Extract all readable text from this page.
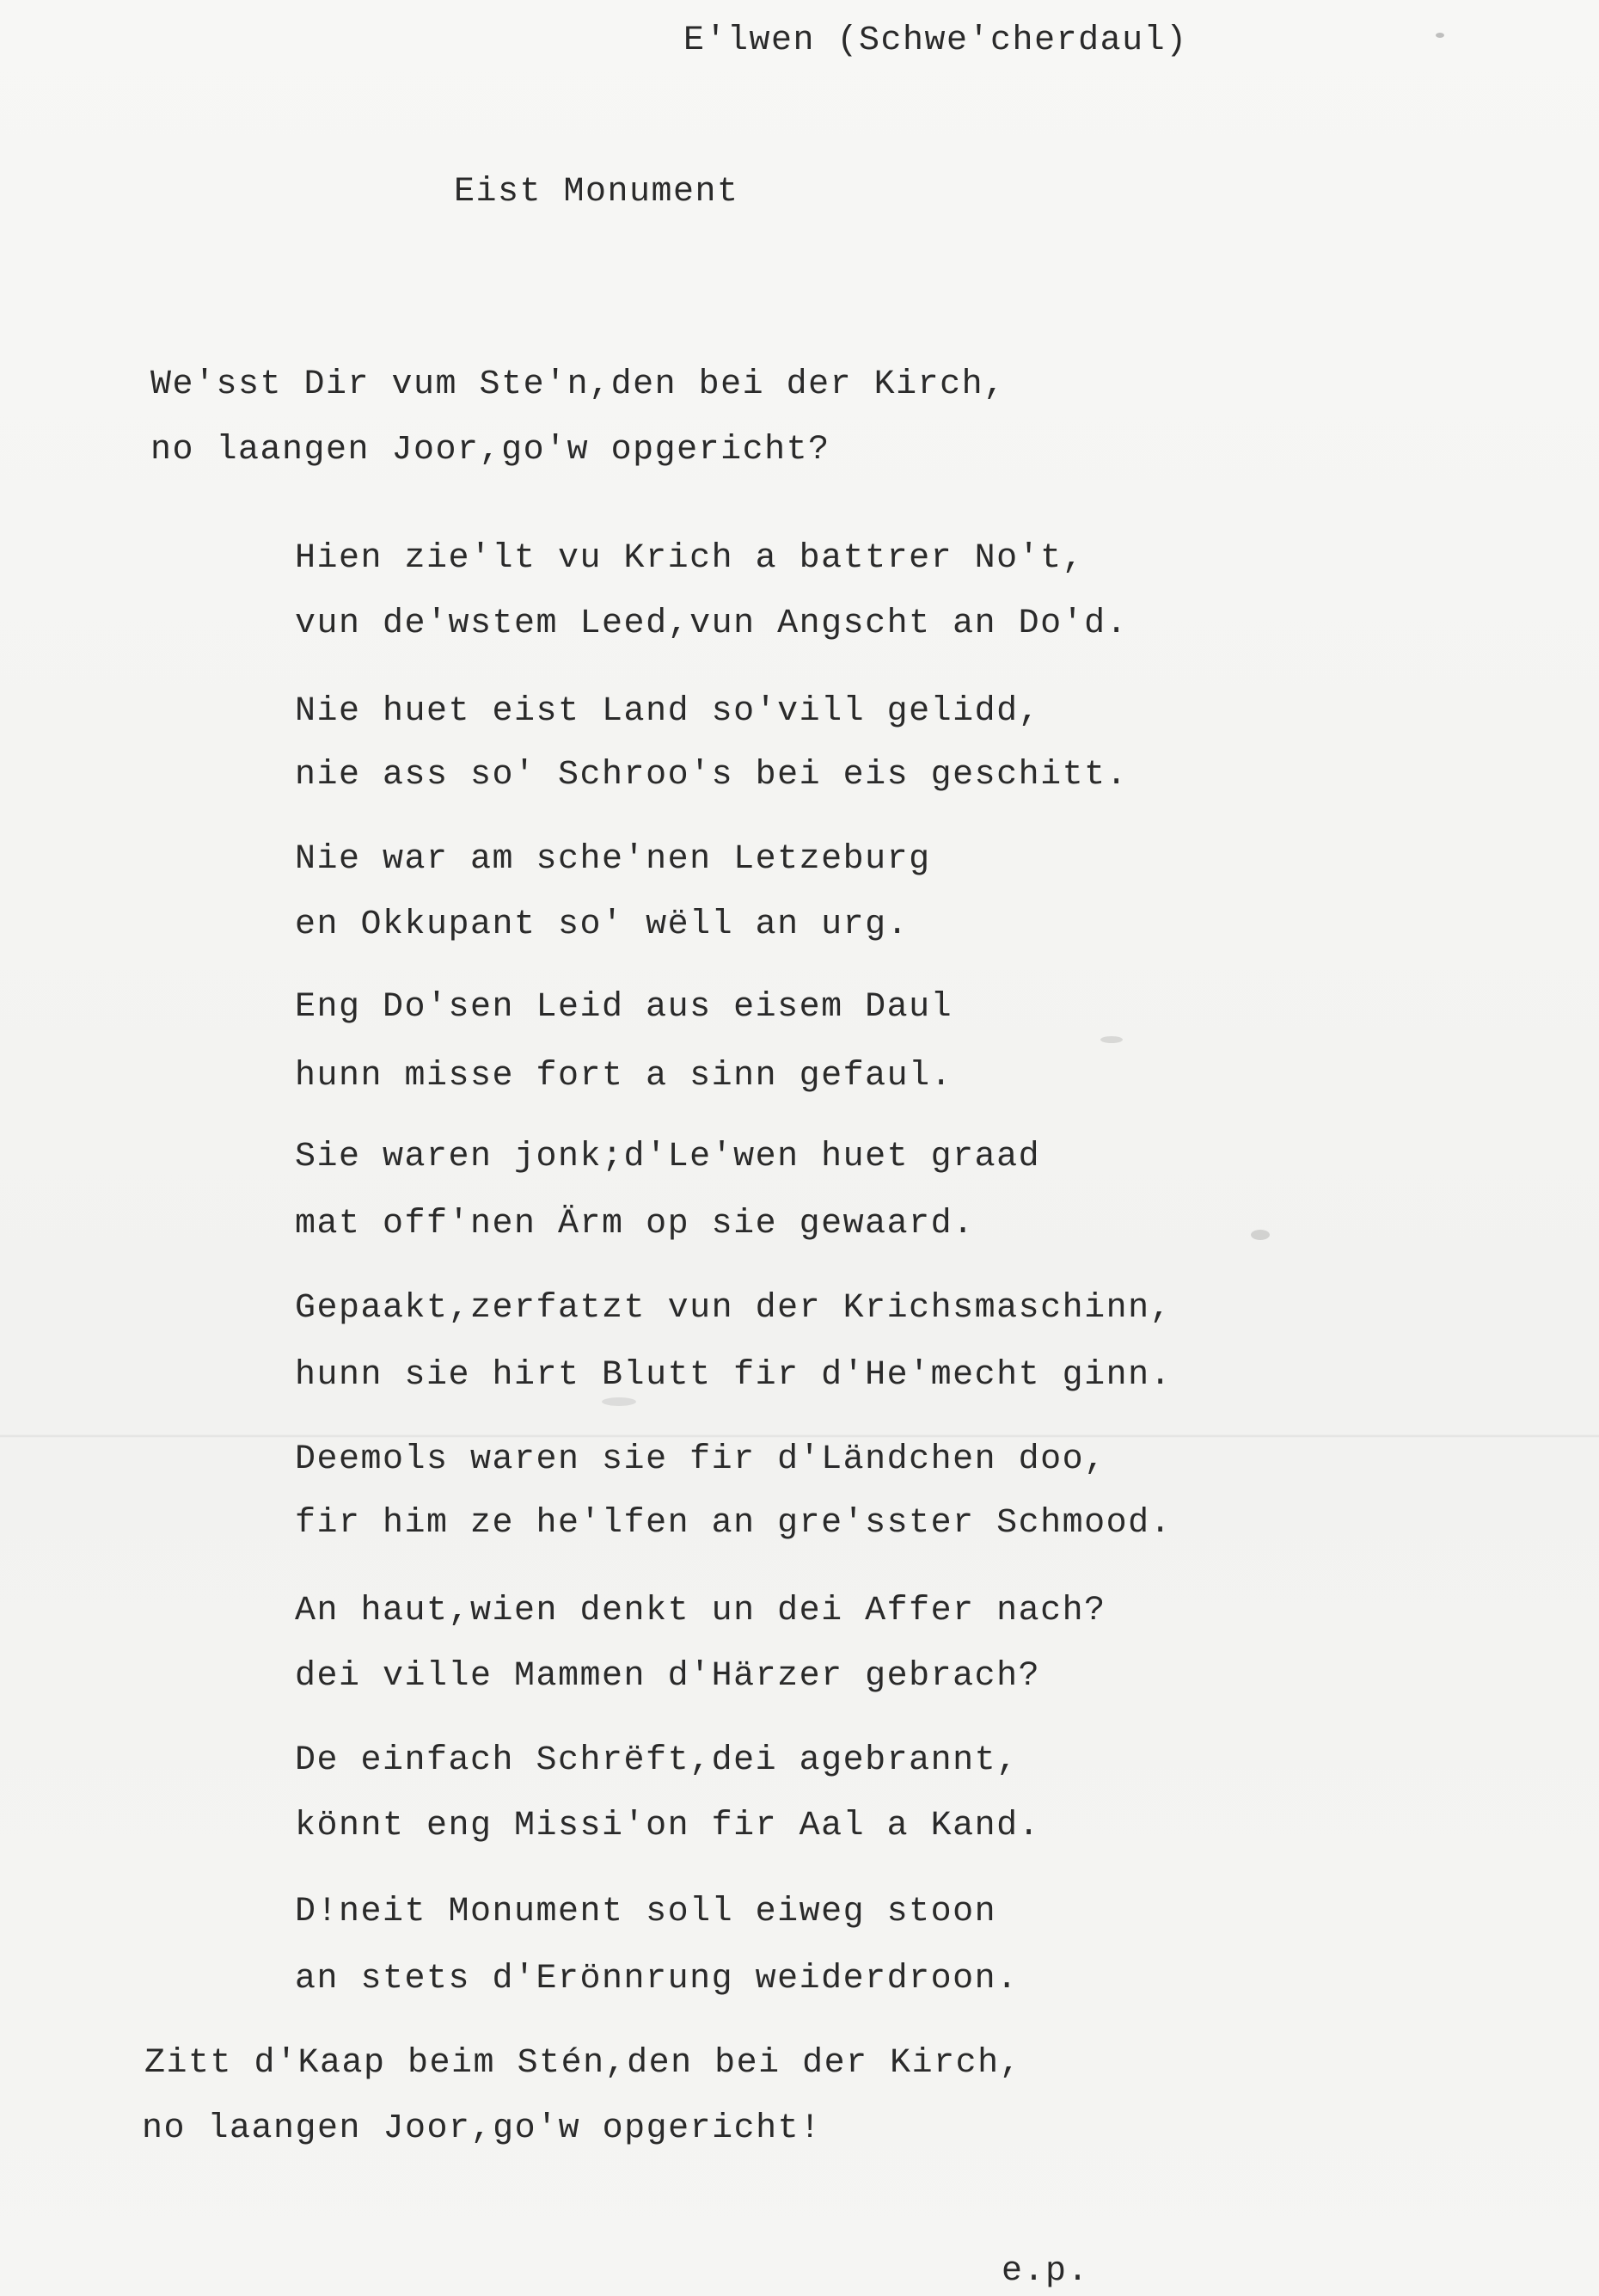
E'lwen (Schwe'cherdaul)
Eist Monument
We'sst Dir vum Ste'n,den bei der Kirch,
no laangen Joor,go'w opgericht?
Hien zie'lt vu Krich a battrer No't,
vun de'wstem Leed,vun Angscht an Do'd.
Nie huet eist Land so'vill gelidd,
nie ass so' Schroo's bei eis geschitt.
Nie war am sche'nen Letzeburg
en Okkupant so' wëll an urg.
Eng Do'sen Leid aus eisem Daul
hunn misse fort a sinn gefaul.
Sie waren jonk;d'Le'wen huet graad
mat off'nen Ärm op sie gewaard.
Gepaakt,zerfatzt vun der Krichsmaschinn,
hunn sie hirt Blutt fir d'He'mecht ginn.
Deemols waren sie fir d'Ländchen doo,
fir him ze he'lfen an gre'sster Schmood.
An haut,wien denkt un dei Affer nach?
dei ville Mammen d'Härzer gebrach?
De einfach Schrëft,dei agebrannt,
könnt eng Missi'on fir Aal a Kand.
D!neit Monument soll eiweg stoon
an stets d'Erönnrung weiderdroon.
Zitt d'Kaap beim Stén,den bei der Kirch,
no laangen Joor,go'w opgericht!
e.p.
